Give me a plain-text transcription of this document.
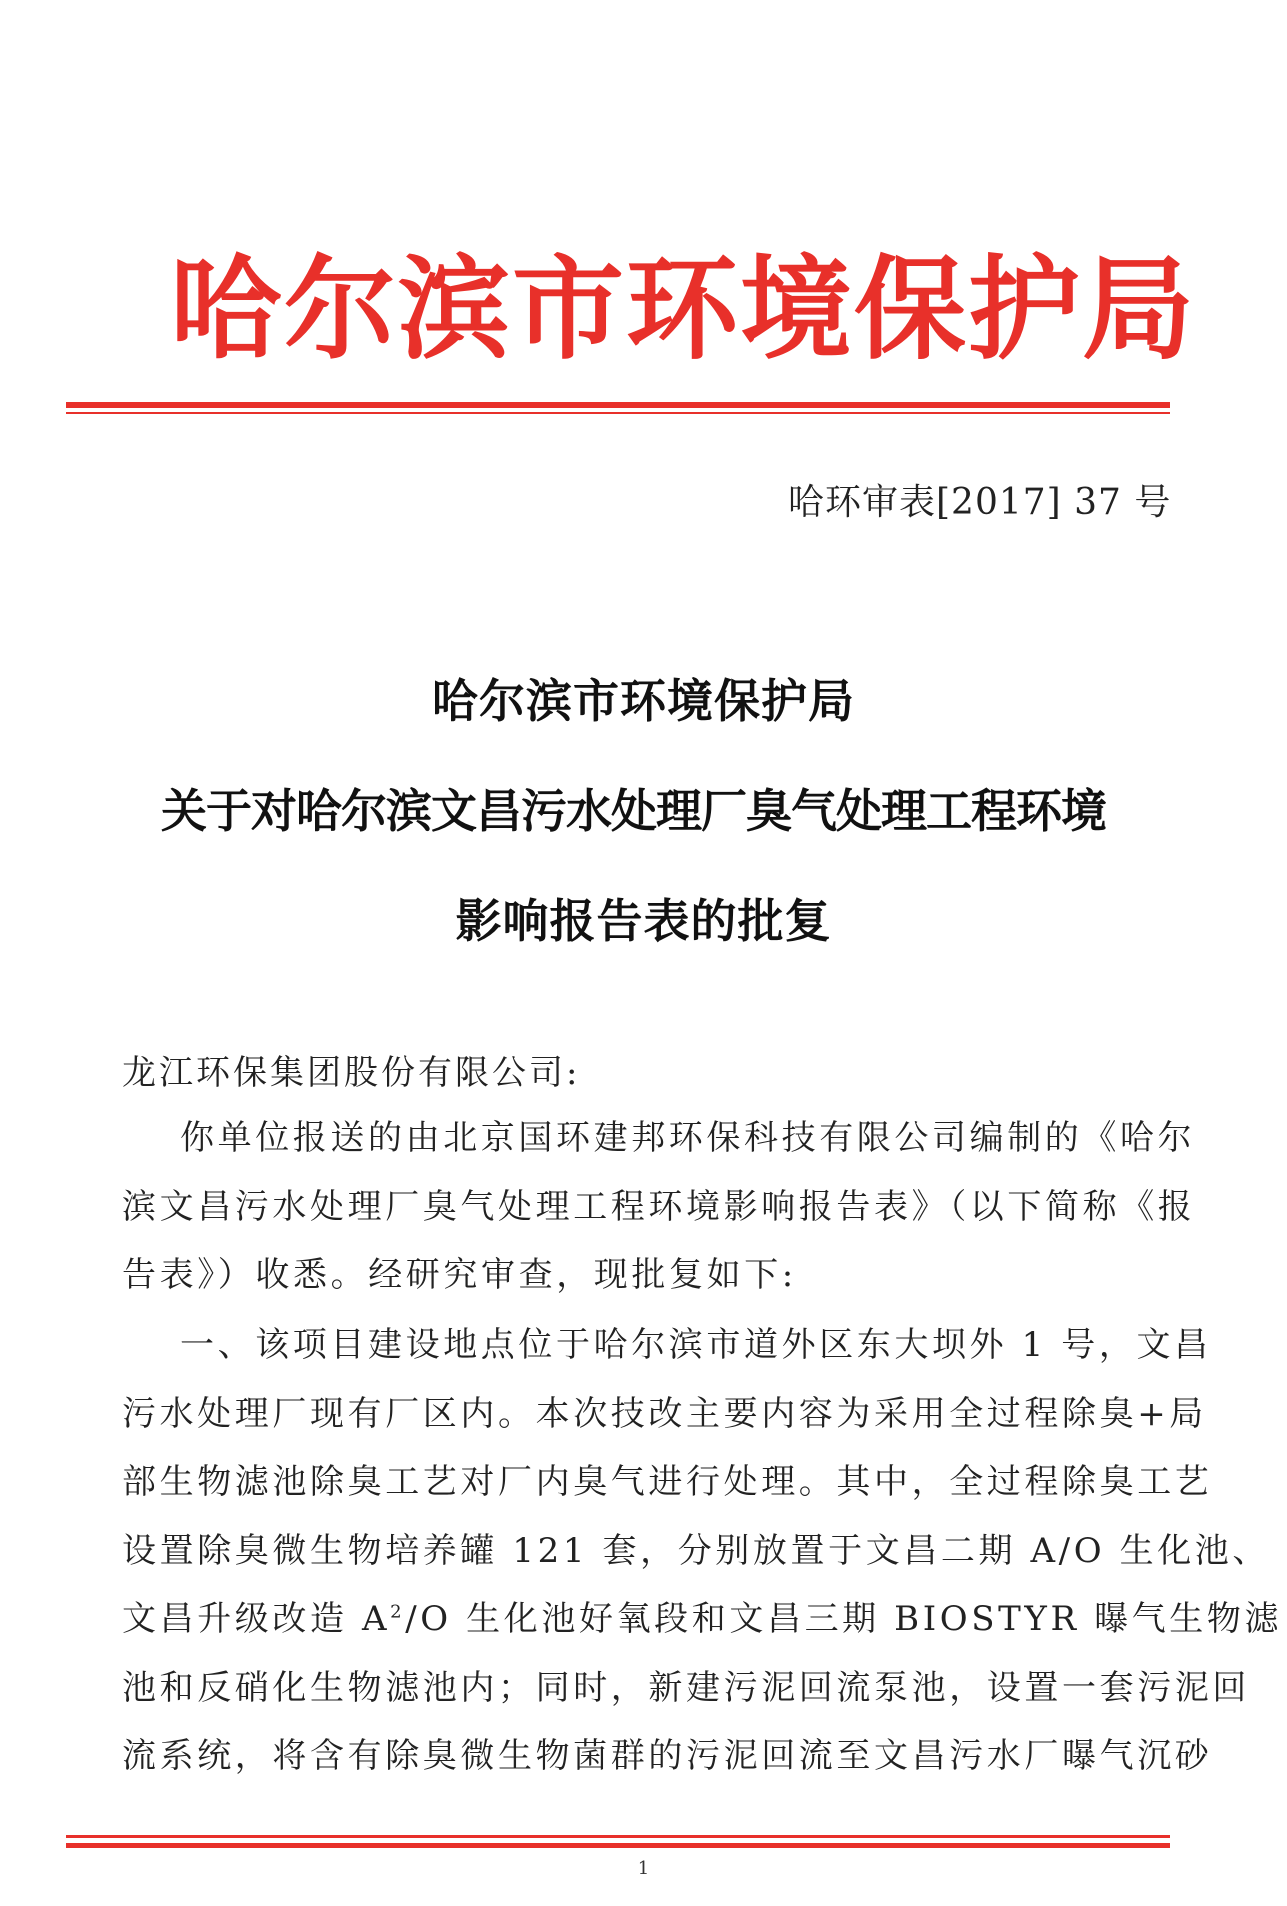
哈尔滨市环境保护局
哈环审表[2017] 37 号
哈尔滨市环境保护局
关于对哈尔滨文昌污水处理厂臭气处理工程环境
影响报告表的批复
龙江环保集团股份有限公司:
你单位报送的由北京国环建邦环保科技有限公司编制的《哈尔
滨文昌污水处理厂臭气处理工程环境影响报告表》（以下简称《报
告表》）收悉。经研究审查，现批复如下:
一、该项目建设地点位于哈尔滨市道外区东大坝外 1 号，文昌
污水处理厂现有厂区内。本次技改主要内容为采用全过程除臭+局
部生物滤池除臭工艺对厂内臭气进行处理。其中，全过程除臭工艺
设置除臭微生物培养罐 121 套，分别放置于文昌二期 A/O 生化池、
文昌升级改造 $A^2/O$ 生化池好氧段和文昌三期 BIOSTYR 曝气生物滤
池和反硝化生物滤池内；同时，新建污泥回流泵池，设置一套污泥回
流系统，将含有除臭微生物菌群的污泥回流至文昌污水厂曝气沉砂
1
